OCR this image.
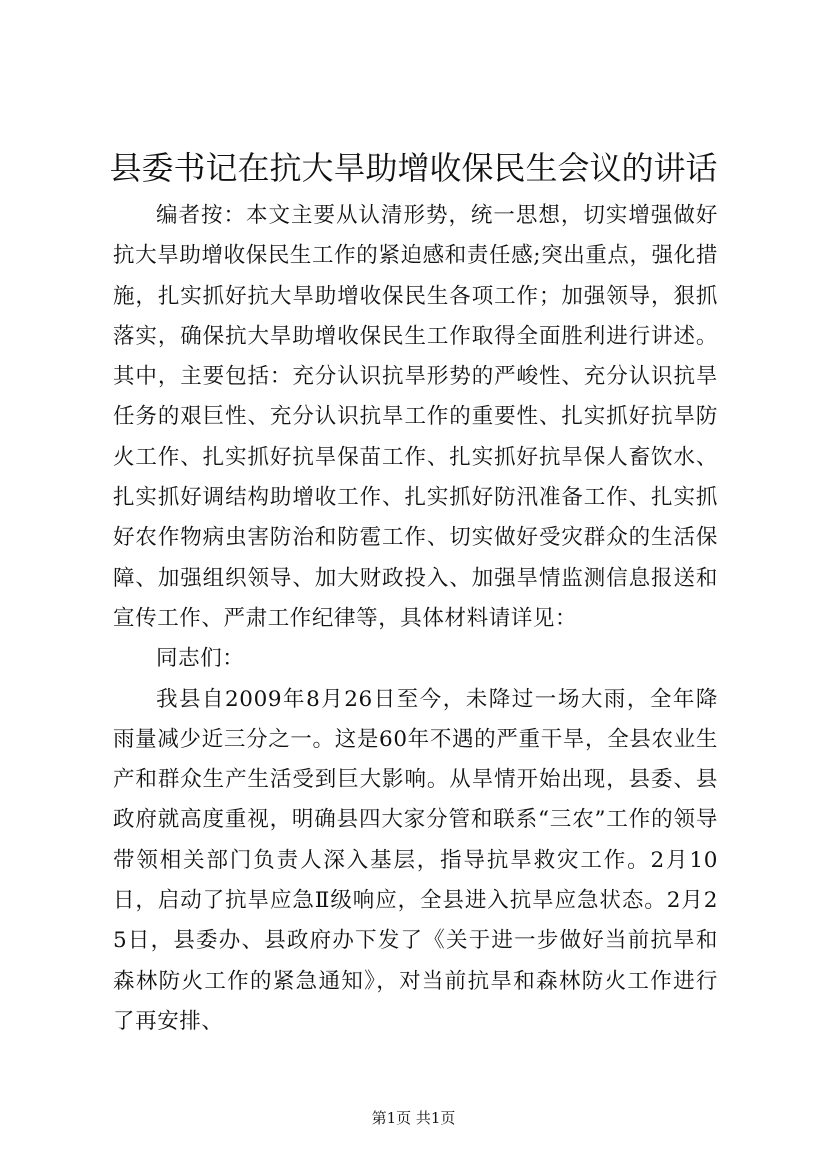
县委书记在抗大旱助增收保民生会议的讲话

编者按：本文主要从认清形势，统一思想，切实增强做好抗大旱助增收保民生工作的紧迫感和责任感;突出重点，强化措施，扎实抓好抗大旱助增收保民生各项工作；加强领导，狠抓落实，确保抗大旱助增收保民生工作取得全面胜利进行讲述。其中，主要包括：充分认识抗旱形势的严峻性、充分认识抗旱任务的艰巨性、充分认识抗旱工作的重要性、扎实抓好抗旱防火工作、扎实抓好抗旱保苗工作、扎实抓好抗旱保人畜饮水、扎实抓好调结构助增收工作、扎实抓好防汛准备工作、扎实抓好农作物病虫害防治和防雹工作、切实做好受灾群众的生活保障、加强组织领导、加大财政投入、加强旱情监测信息报送和宣传工作、严肃工作纪律等，具体材料请详见：

同志们：

我县自2009年8月26日至今，未降过一场大雨，全年降雨量减少近三分之一。这是60年不遇的严重干旱，全县农业生产和群众生产生活受到巨大影响。从旱情开始出现，县委、县政府就高度重视，明确县四大家分管和联系“三农”工作的领导带领相关部门负责人深入基层，指导抗旱救灾工作。2月10日，启动了抗旱应急Ⅱ级响应，全县进入抗旱应急状态。2月25日，县委办、县政府办下发了《关于进一步做好当前抗旱和森林防火工作的紧急通知》，对当前抗旱和森林防火工作进行了再安排、

第1页 共1页
